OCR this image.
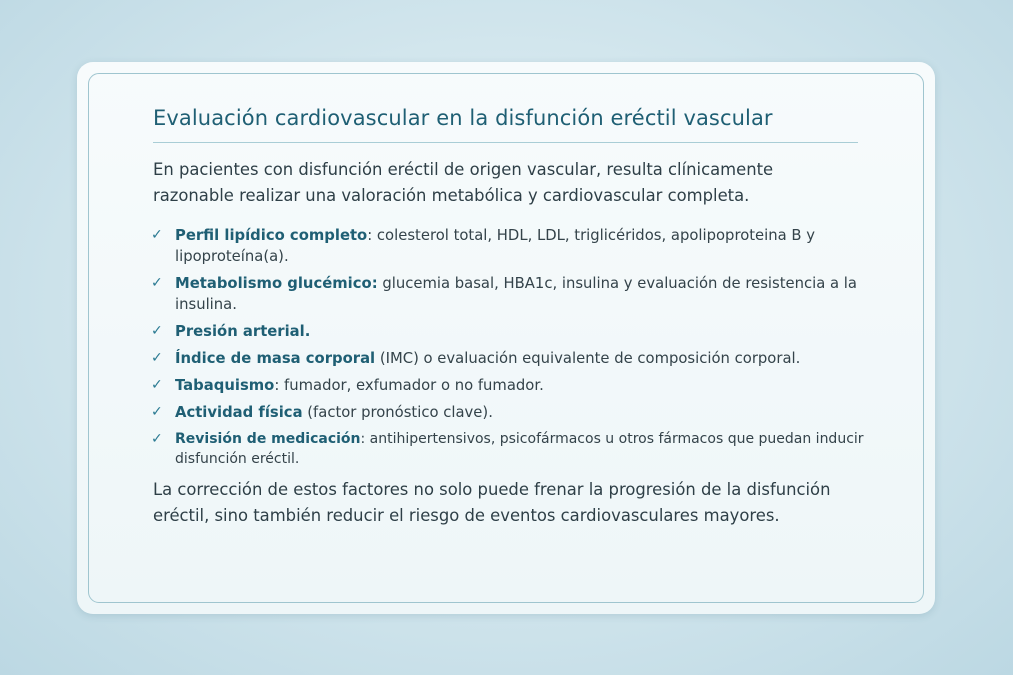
Evaluación cardiovascular en la disfunción eréctil vascular

En pacientes con disfunción eréctil de origen vascular, resulta clínicamente razonable realizar una valoración metabólica y cardiovascular completa.

✓ Perfil lipídico completo: colesterol total, HDL, LDL, triglicéridos, apolipoproteina B y lipoproteína(a).
✓ Metabolismo glucémico: glucemia basal, HBA1c, insulina y evaluación de resistencia a la insulina.
✓ Presión arterial.
✓ Índice de masa corporal (IMC) o evaluación equivalente de composición corporal.
✓ Tabaquismo: fumador, exfumador o no fumador.
✓ Actividad física (factor pronóstico clave).
✓ Revisión de medicación: antihipertensivos, psicofármacos u otros fármacos que puedan inducir disfunción eréctil.

La corrección de estos factores no solo puede frenar la progresión de la disfunción eréctil, sino también reducir el riesgo de eventos cardiovasculares mayores.
